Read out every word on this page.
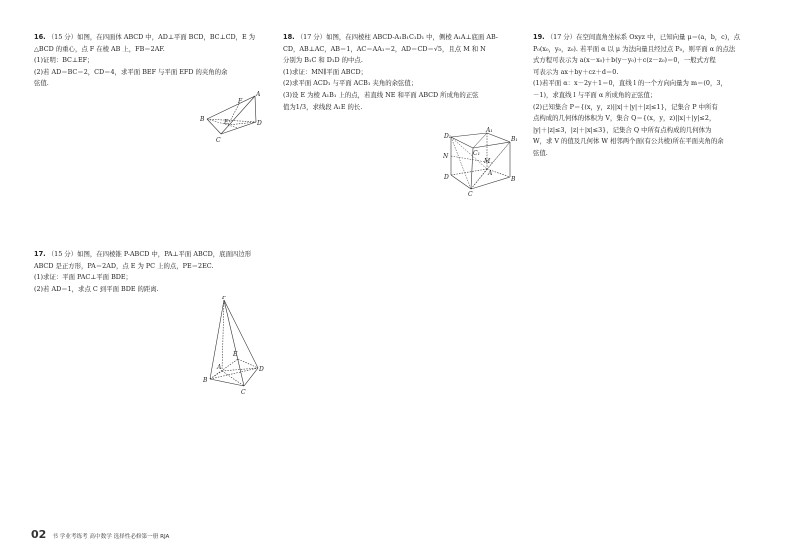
16. （15 分）如图，在四面体 ABCD 中，AD⊥平面 BCD，BC⊥CD，E 为

△BCD 的重心，点 F 在棱 AB 上，FB＝2AF.

(1)证明：BC⊥EF；

(2)若 AD＝BC＝2，CD＝4，求平面 BEF 与平面 EFD 的夹角的余

弦值.

A
B
C
D
E
F

17. （15 分）如图，在四棱锥 P-ABCD 中，PA⊥平面 ABCD，底面四边形

ABCD 是正方形，PA＝2AD，点 E 为 PC 上的点，PE＝2EC.

(1)求证：平面 PAC⊥平面 BDE；

(2)若 AD＝1，求点 C 到平面 BDE 的距离.

P
A
B
C
D
E

18. （17 分）如图，在四棱柱 ABCD-A₁B₁C₁D₁ 中，侧棱 A₁A⊥底面 AB-

CD，AB⊥AC，AB＝1，AC＝AA₁＝2，AD＝CD＝√5，且点 M 和 N

分别为 B₁C 和 D₁D 的中点.

(1)求证：MN∥平面 ABCD；

(2)求平面 ACD₁ 与平面 ACB₁ 夹角的余弦值；

(3)设 E 为棱 A₁B₁ 上的点，若直线 NE 和平面 ABCD 所成角的正弦

值为1/3，求线段 A₁E 的长.

D₁
A₁
B₁
C₁
M
N
D
A
B
C

19. （17 分）在空间直角坐标系 Oxyz 中，已知向量 μ＝(a，b，c)，点

P₀(x₀，y₀，z₀). 若平面 α 以 μ 为法向量且经过点 P₀，则平面 α 的点法

式方程可表示为 a(x－x₀)＋b(y－y₀)＋c(z－z₀)＝0，一般式方程

可表示为 ax＋by＋cz＋d＝0.

(1)若平面 α：x－2y＋1＝0，直线 l 的一个方向向量为 m＝(0，3，

－1)，求直线 l 与平面 α 所成角的正弦值；

(2)已知集合 P＝{(x，y，z)||x|＋|y|＋|z|≤1}，记集合 P 中所有

点构成的几何体的体积为 V，集合 Q＝{(x，y，z)||x|＋|y|≤2，

|y|＋|z|≤3，|z|＋|x|≤3}，记集合 Q 中所有点构成的几何体为

W，求 V 的值及几何体 W 相邻两个面(有公共棱)所在平面夹角的余

弦值.

02 书 学业考练考 高中数学 选择性必修第一册 RJA
